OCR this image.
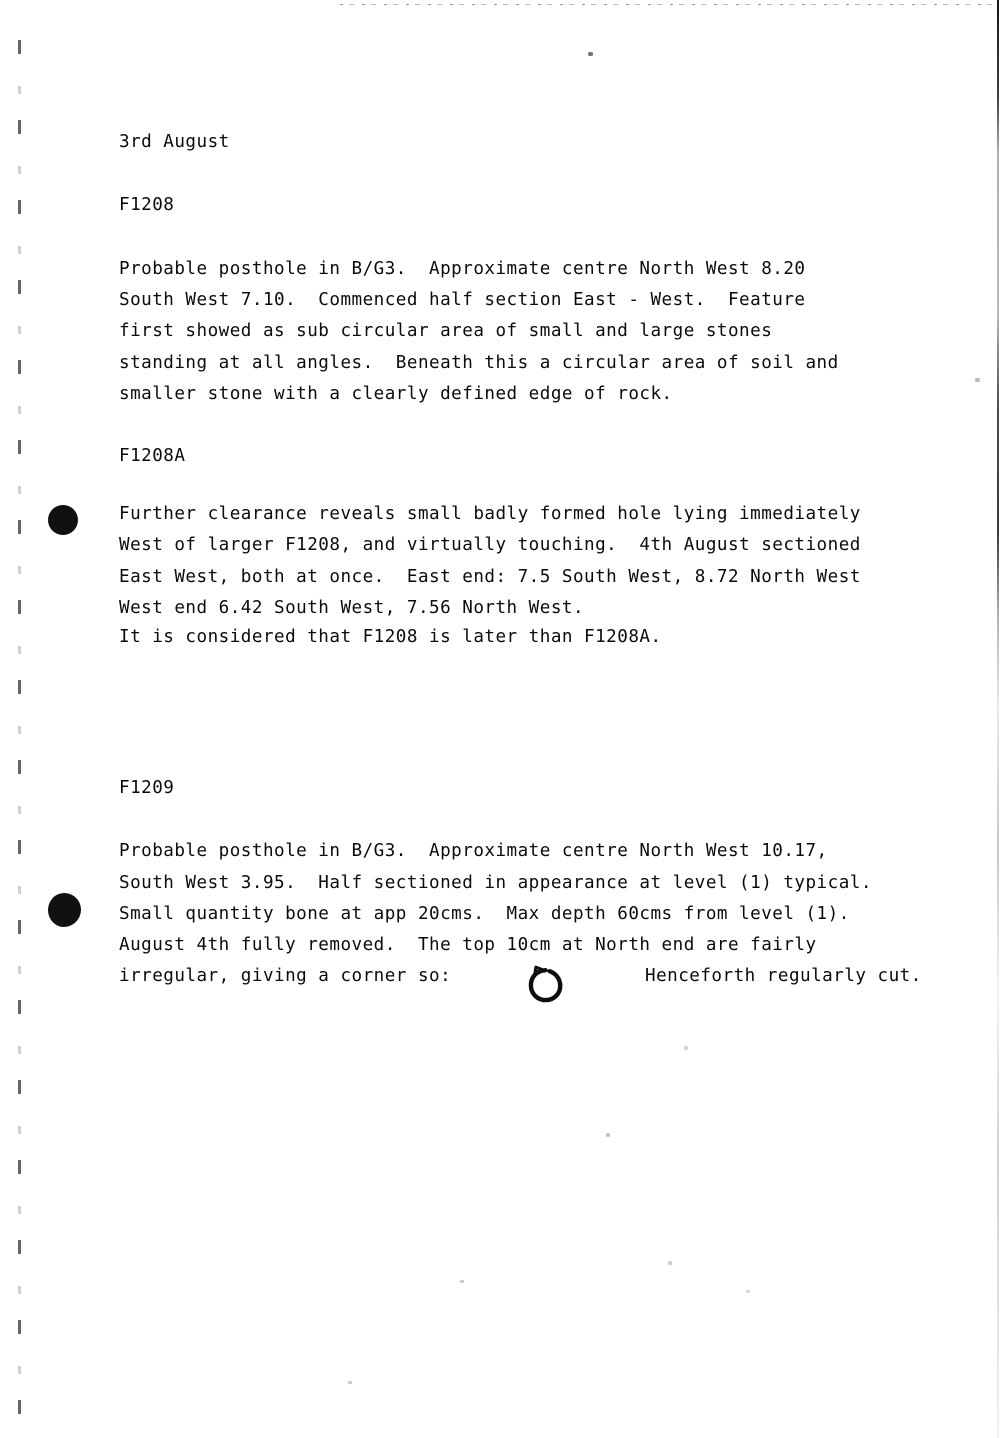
3rd August
F1208
Probable posthole in B/G3.  Approximate centre North West 8.20
South West 7.10.  Commenced half section East - West.  Feature
first showed as sub circular area of small and large stones
standing at all angles.  Beneath this a circular area of soil and
smaller stone with a clearly defined edge of rock.
F1208A
Further clearance reveals small badly formed hole lying immediately
West of larger F1208, and virtually touching.  4th August sectioned
East West, both at once.  East end: 7.5 South West, 8.72 North West
West end 6.42 South West, 7.56 North West.
It is considered that F1208 is later than F1208A.
F1209
Probable posthole in B/G3.  Approximate centre North West 10.17,
South West 3.95.  Half sectioned in appearance at level (1) typical.
Small quantity bone at app 20cms.  Max depth 60cms from level (1).
August 4th fully removed.  The top 10cm at North end are fairly
irregular, giving a corner so:	Henceforth regularly cut.
